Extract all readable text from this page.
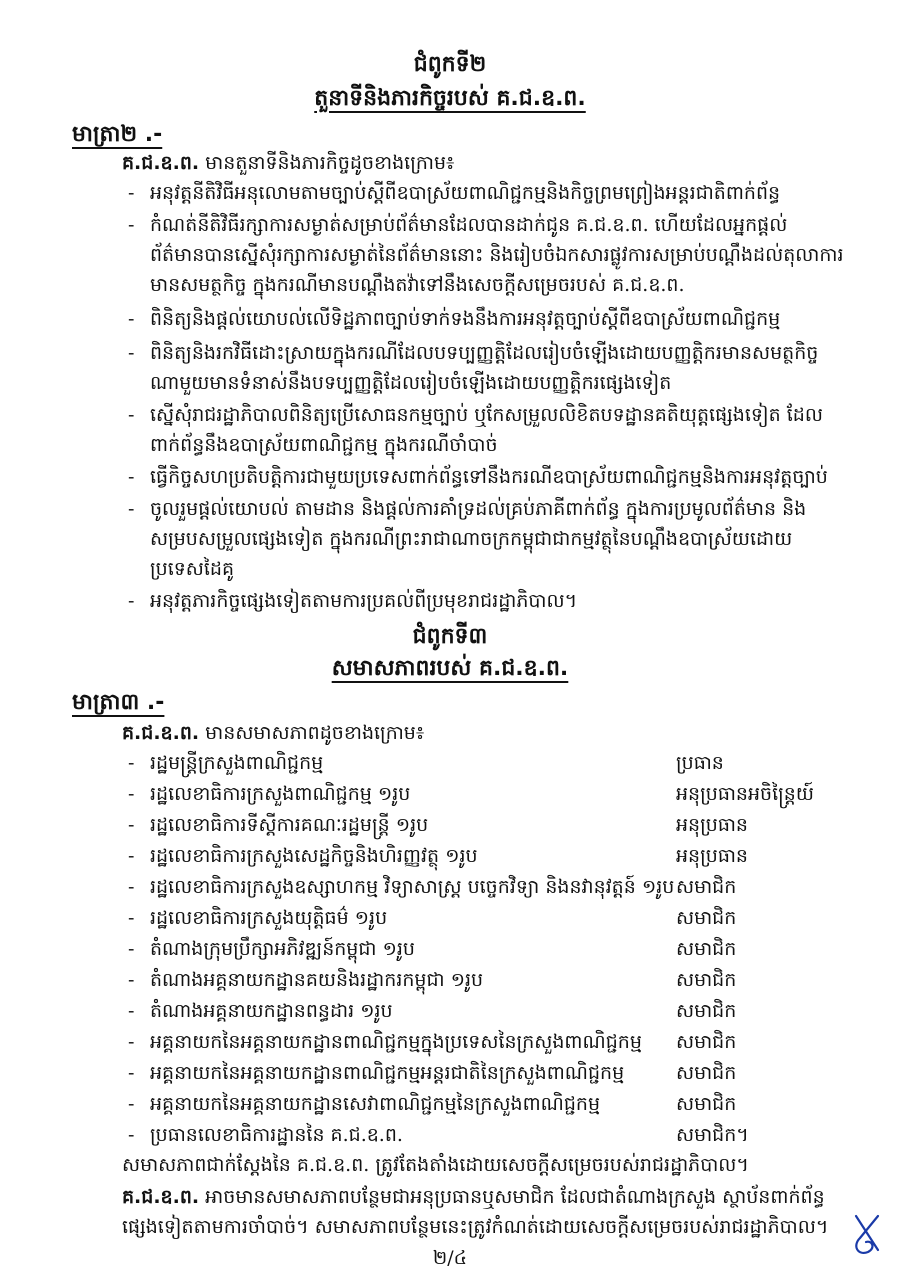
ជំពូកទី២
តួនាទីនិងភារកិច្ចរបស់ គ.ជ.ឧ.ព.
មាត្រា២ .-
គ.ជ.ឧ.ព. មានតួនាទីនិងភារកិច្ចដូចខាងក្រោម៖
- អនុវត្តនីតិវិធីអនុលោមតាមច្បាប់ស្ដីពីឧបាស្រ័យពាណិជ្ជកម្មនិងកិច្ចព្រមព្រៀងអន្តរជាតិពាក់ព័ន្ធ
- កំណត់នីតិវិធីរក្សាការសម្ងាត់សម្រាប់ព័ត៌មានដែលបានដាក់ជូន គ.ជ.ឧ.ព. ហើយដែលអ្នកផ្ដល់
ព័ត៌មានបានស្នើសុំរក្សាការសម្ងាត់នៃព័ត៌មាននោះ និងរៀបចំឯកសារផ្លូវការសម្រាប់បណ្ដឹងដល់តុលាការ
មានសមត្ថកិច្ច ក្នុងករណីមានបណ្ដឹងតវ៉ាទៅនឹងសេចក្ដីសម្រេចរបស់ គ.ជ.ឧ.ព.
- ពិនិត្យនិងផ្ដល់យោបល់លើទិដ្ឋភាពច្បាប់ទាក់ទងនឹងការអនុវត្តច្បាប់ស្ដីពីឧបាស្រ័យពាណិជ្ជកម្ម
- ពិនិត្យនិងរកវិធីដោះស្រាយក្នុងករណីដែលបទប្បញ្ញត្តិដែលរៀបចំឡើងដោយបញ្ញត្តិករមានសមត្ថកិច្ច
ណាមួយមានទំនាស់នឹងបទប្បញ្ញត្តិដែលរៀបចំឡើងដោយបញ្ញត្តិករផ្សេងទៀត
- ស្នើសុំរាជរដ្ឋាភិបាលពិនិត្យប្រើសោធនកម្មច្បាប់ ឬកែសម្រួលលិខិតបទដ្ឋានគតិយុត្តផ្សេងទៀត ដែល
ពាក់ព័ន្ធនឹងឧបាស្រ័យពាណិជ្ជកម្ម ក្នុងករណីចាំបាច់
- ធ្វើកិច្ចសហប្រតិបត្តិការជាមួយប្រទេសពាក់ព័ន្ធទៅនឹងករណីឧបាស្រ័យពាណិជ្ជកម្មនិងការអនុវត្តច្បាប់
- ចូលរួមផ្ដល់យោបល់ តាមដាន និងផ្ដល់ការគាំទ្រដល់គ្រប់ភាគីពាក់ព័ន្ធ ក្នុងការប្រមូលព័ត៌មាន និង
សម្របសម្រួលផ្សេងទៀត ក្នុងករណីព្រះរាជាណាចក្រកម្ពុជាជាកម្មវត្ថុនៃបណ្ដឹងឧបាស្រ័យដោយ
ប្រទេសដៃគូ
- អនុវត្តភារកិច្ចផ្សេងទៀតតាមការប្រគល់ពីប្រមុខរាជរដ្ឋាភិបាល។
ជំពូកទី៣
សមាសភាពរបស់ គ.ជ.ឧ.ព.
មាត្រា៣ .-
គ.ជ.ឧ.ព. មានសមាសភាពដូចខាងក្រោម៖
- រដ្ឋមន្ត្រីក្រសួងពាណិជ្ជកម្ម	ប្រធាន
- រដ្ឋលេខាធិការក្រសួងពាណិជ្ជកម្ម ១រូប	អនុប្រធានអចិន្ត្រៃយ៍
- រដ្ឋលេខាធិការទីស្ដីការគណៈរដ្ឋមន្ត្រី ១រូប	អនុប្រធាន
- រដ្ឋលេខាធិការក្រសួងសេដ្ឋកិច្ចនិងហិរញ្ញវត្ថុ ១រូប	អនុប្រធាន
- រដ្ឋលេខាធិការក្រសួងឧស្សាហកម្ម វិទ្យាសាស្ត្រ បច្ចេកវិទ្យា និងនវានុវត្តន៍ ១រូប សមាជិក
- រដ្ឋលេខាធិការក្រសួងយុត្តិធម៌ ១រូប	សមាជិក
- តំណាងក្រុមប្រឹក្សាអភិវឌ្ឍន៍កម្ពុជា ១រូប	សមាជិក
- តំណាងអគ្គនាយកដ្ឋានគយនិងរដ្ឋាករកម្ពុជា ១រូប	សមាជិក
- តំណាងអគ្គនាយកដ្ឋានពន្ធដារ ១រូប	សមាជិក
- អគ្គនាយកនៃអគ្គនាយកដ្ឋានពាណិជ្ជកម្មក្នុងប្រទេសនៃក្រសួងពាណិជ្ជកម្ម សមាជិក
- អគ្គនាយកនៃអគ្គនាយកដ្ឋានពាណិជ្ជកម្មអន្តរជាតិនៃក្រសួងពាណិជ្ជកម្ម	សមាជិក
- អគ្គនាយកនៃអគ្គនាយកដ្ឋានសេវាពាណិជ្ជកម្មនៃក្រសួងពាណិជ្ជកម្ម	សមាជិក
- ប្រធានលេខាធិការដ្ឋាននៃ គ.ជ.ឧ.ព.	សមាជិក។
សមាសភាពជាក់ស្ដែងនៃ គ.ជ.ឧ.ព. ត្រូវតែងតាំងដោយសេចក្ដីសម្រេចរបស់រាជរដ្ឋាភិបាល។
គ.ជ.ឧ.ព. អាចមានសមាសភាពបន្ថែមជាអនុប្រធានឬសមាជិក ដែលជាតំណាងក្រសួង ស្ថាប័នពាក់ព័ន្ធ
ផ្សេងទៀតតាមការចាំបាច់។ សមាសភាពបន្ថែមនេះត្រូវកំណត់ដោយសេចក្ដីសម្រេចរបស់រាជរដ្ឋាភិបាល។
២/៤
